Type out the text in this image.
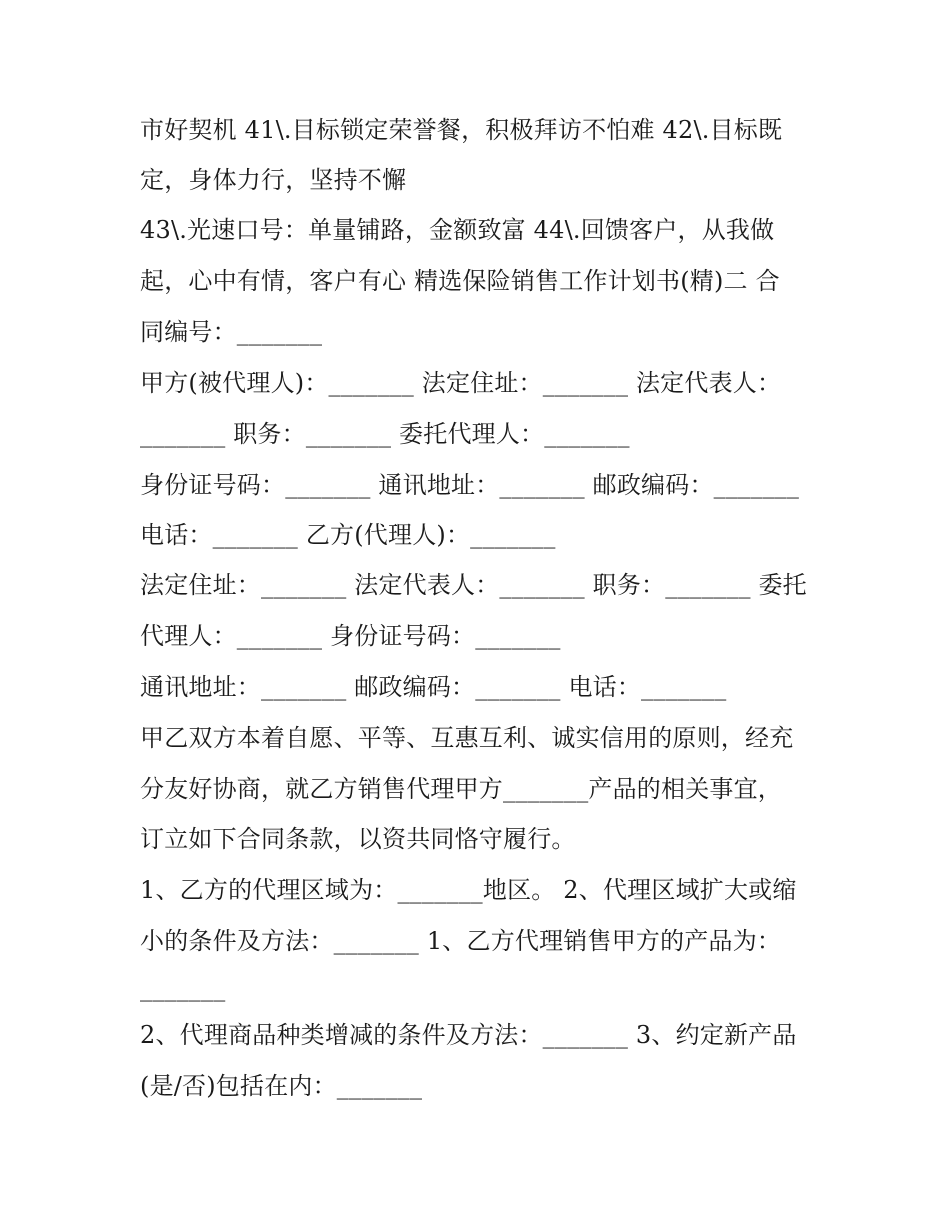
市好契机 41\.目标锁定荣誉餐，积极拜访不怕难 42\.目标既
定，身体力行，坚持不懈
43\.光速口号：单量铺路，金额致富 44\.回馈客户，从我做
起，心中有情，客户有心 精选保险销售工作计划书(精)二 合
同编号：_______
甲方(被代理人)：_______ 法定住址：_______ 法定代表人：
_______ 职务：_______ 委托代理人：_______
身份证号码：_______ 通讯地址：_______ 邮政编码：_______
电话：_______ 乙方(代理人)：_______
法定住址：_______ 法定代表人：_______ 职务：_______ 委托
代理人：_______ 身份证号码：_______
通讯地址：_______ 邮政编码：_______ 电话：_______
甲乙双方本着自愿、平等、互惠互利、诚实信用的原则，经充
分友好协商，就乙方销售代理甲方_______产品的相关事宜，
订立如下合同条款，以资共同恪守履行。
1、乙方的代理区域为：_______地区。 2、代理区域扩大或缩
小的条件及方法：_______ 1、乙方代理销售甲方的产品为：
_______
2、代理商品种类增减的条件及方法：_______ 3、约定新产品
(是/否)包括在内：_______
